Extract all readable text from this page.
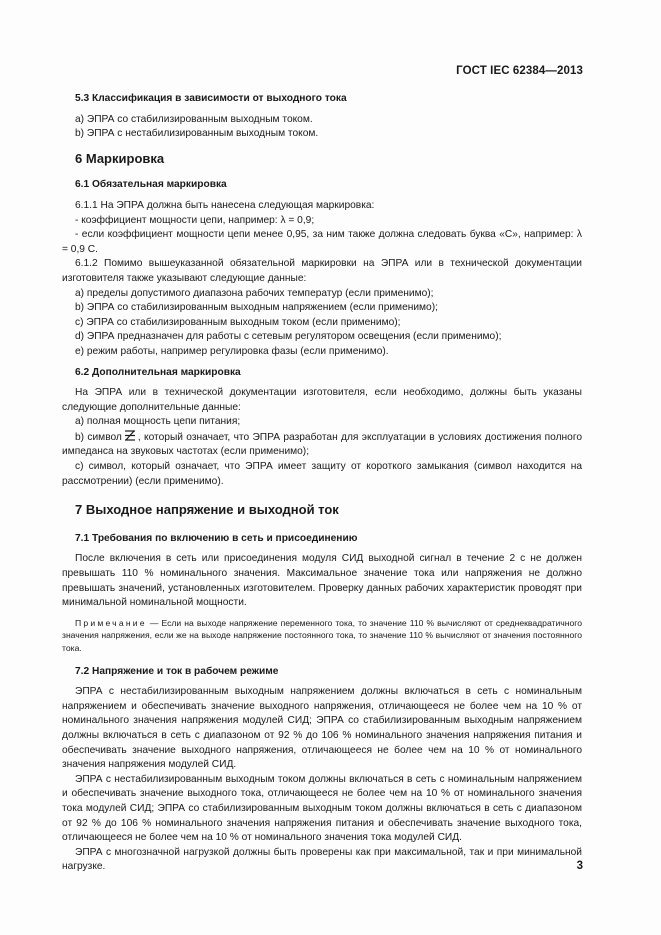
ГОСТ IEC 62384—2013
5.3 Классификация в зависимости от выходного тока
а) ЭПРА со стабилизированным выходным током.
b) ЭПРА с нестабилизированным выходным током.
6 Маркировка
6.1 Обязательная маркировка
6.1.1 На ЭПРА должна быть нанесена следующая маркировка:
- коэффициент мощности цепи, например: λ = 0,9;
- если коэффициент мощности цепи менее 0,95, за ним также должна следовать буква «С», например: λ = 0,9 С.
6.1.2 Помимо вышеуказанной обязательной маркировки на ЭПРА или в технической документации изготовителя также указывают следующие данные:
а) пределы допустимого диапазона рабочих температур (если применимо);
b) ЭПРА со стабилизированным выходным напряжением (если применимо);
с) ЭПРА со стабилизированным выходным током (если применимо);
d) ЭПРА предназначен для работы с сетевым регулятором освещения (если применимо);
е) режим работы, например регулировка фазы (если применимо).
6.2 Дополнительная маркировка
На ЭПРА или в технической документации изготовителя, если необходимо, должны быть указаны следующие дополнительные данные:
а) полная мощность цепи питания;
b) символ , который означает, что ЭПРА разработан для эксплуатации в условиях достижения полного импеданса на звуковых частотах (если применимо);
с) символ, который означает, что ЭПРА имеет защиту от короткого замыкания (символ находится на рассмотрении) (если применимо).
7 Выходное напряжение и выходной ток
7.1 Требования по включению в сеть и присоединению
После включения в сеть или присоединения модуля СИД выходной сигнал в течение 2 с не должен превышать 110 % номинального значения. Максимальное значение тока или напряжения не должно превышать значений, установленных изготовителем. Проверку данных рабочих характеристик проводят при минимальной номинальной мощности.
Примечание — Если на выходе напряжение переменного тока, то значение 110 % вычисляют от среднеквадратичного значения напряжения, если же на выходе напряжение постоянного тока, то значение 110 % вычисляют от значения постоянного тока.
7.2 Напряжение и ток в рабочем режиме
ЭПРА с нестабилизированным выходным напряжением должны включаться в сеть с номинальным напряжением и обеспечивать значение выходного напряжения, отличающееся не более чем на 10 % от номинального значения напряжения модулей СИД; ЭПРА со стабилизированным выходным напряжением должны включаться в сеть с диапазоном от 92 % до 106 % номинального значения напряжения питания и обеспечивать значение выходного напряжения, отличающееся не более чем на 10 % от номинального значения напряжения модулей СИД.
ЭПРА с нестабилизированным выходным током должны включаться в сеть с номинальным напряжением и обеспечивать значение выходного тока, отличающееся не более чем на 10 % от номинального значения тока модулей СИД; ЭПРА со стабилизированным выходным током должны включаться в сеть с диапазоном от 92 % до 106 % номинального значения напряжения питания и обеспечивать значение выходного тока, отличающееся не более чем на 10 % от номинального значения тока модулей СИД.
ЭПРА с многозначной нагрузкой должны быть проверены как при максимальной, так и при минимальной нагрузке.	3
